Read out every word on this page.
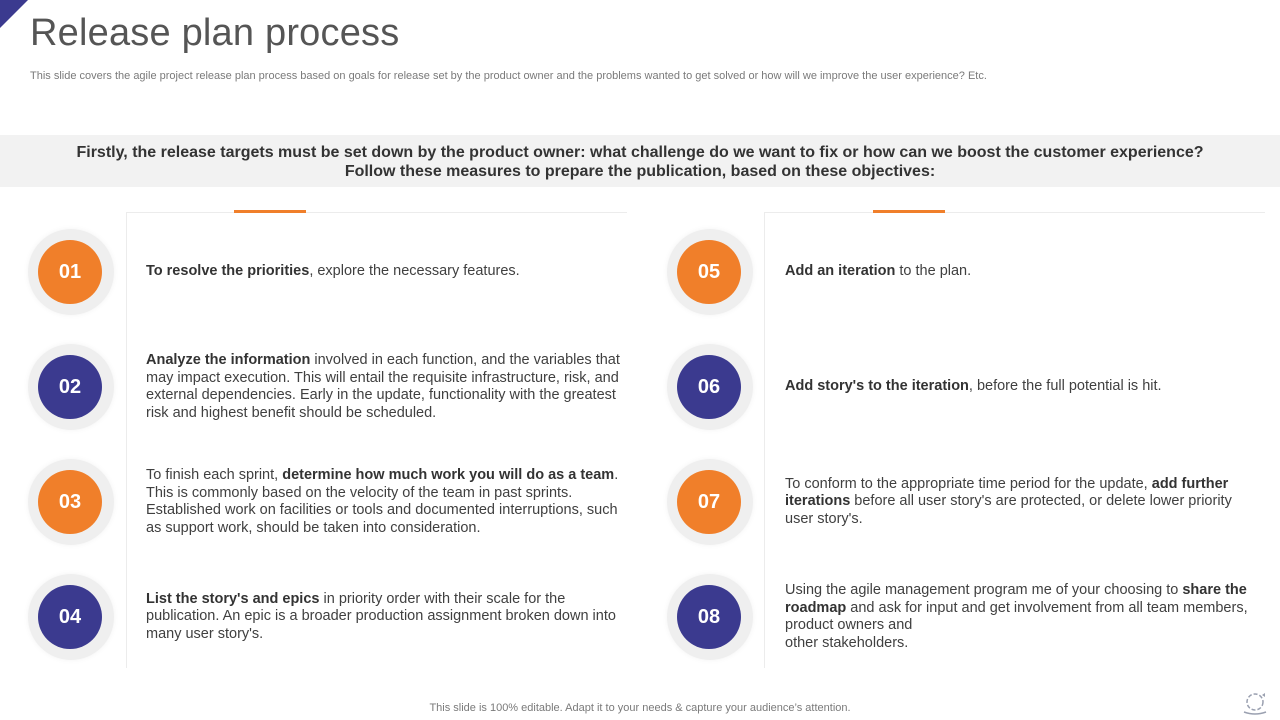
Release plan process

This slide covers the agile project release plan process based on goals for release set by the product owner and the problems wanted to get solved or how will we improve the user experience? Etc.

Firstly, the release targets must be set down by the product owner: what challenge do we want to fix or how can we boost the customer experience?

Follow these measures to prepare the publication, based on these objectives:

01	To resolve the priorities, explore the necessary features.
02
Analyze the information involved in each function, and the variables that may impact execution. This will entail the requisite infrastructure, risk, and external dependencies. Early in the update, functionality with the greatest risk and highest benefit should be scheduled.
03
To finish each sprint, determine how much work you will do as a team. This is commonly based on the velocity of the team in past sprints. Established work on facilities or tools and documented interruptions, such as support work, should be taken into consideration.
04
List the story's and epics in priority order with their scale for the publication. An epic is a broader production assignment broken down into many user story's.
05	Add an iteration to the plan.
06	Add story's to the iteration, before the full potential is hit.
07
To conform to the appropriate time period for the update, add further iterations before all user story's are protected, or delete lower priority user story's.
08
Using the agile management program me of your choosing to share the roadmap and ask for input and get involvement from all team members, product owners and
other stakeholders.
This slide is 100% editable. Adapt it to your needs & capture your audience’s attention.
